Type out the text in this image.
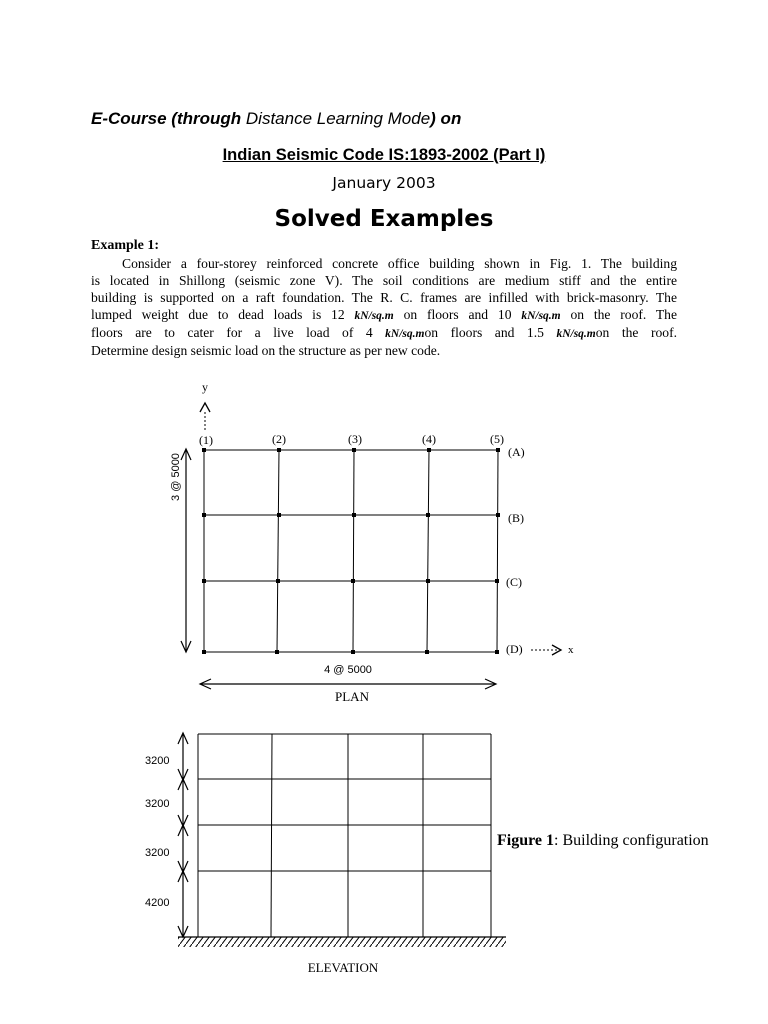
E-Course (through Distance Learning Mode) on
Indian Seismic Code IS:1893-2002 (Part I)
January 2003
Solved Examples
Example 1:
Consider a four-storey reinforced concrete office building shown in Fig. 1. The building
is located in Shillong (seismic zone V). The soil conditions are medium stiff and the entire
building is supported on a raft foundation. The R. C. frames are infilled with brick-masonry. The
lumped weight due to dead loads is 12 kN/sq.m on floors and 10 kN/sq.m on the roof. The
floors are to cater for a live load of 4 kN/sq.mon floors and 1.5 kN/sq.mon the roof.
Determine design seismic load on the structure as per new code.
y
(1)	(2)	(3)	(4)	(5)
(A)
(B)
(C)
(D)	x
3 @ 5000
4 @ 5000
PLAN
3200
3200
3200
4200
ELEVATION
Figure 1: Building configuration
